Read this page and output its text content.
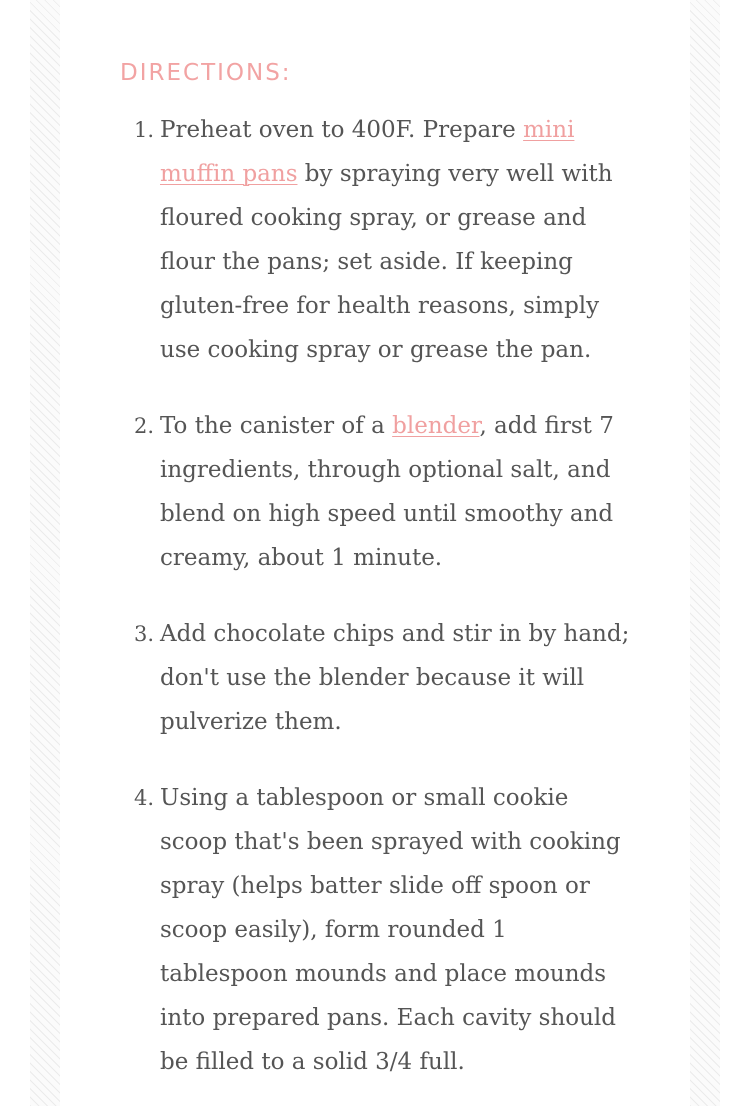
DIRECTIONS:
1. Preheat oven to 400F. Prepare mini muffin pans by spraying very well with floured cooking spray, or grease and flour the pans; set aside. If keeping gluten-free for health reasons, simply use cooking spray or grease the pan.
2. To the canister of a blender, add first 7 ingredients, through optional salt, and blend on high speed until smoothy and creamy, about 1 minute.
3. Add chocolate chips and stir in by hand; don't use the blender because it will pulverize them.
4. Using a tablespoon or small cookie scoop that's been sprayed with cooking spray (helps batter slide off spoon or scoop easily), form rounded 1 tablespoon mounds and place mounds into prepared pans. Each cavity should be filled to a solid 3/4 full.
